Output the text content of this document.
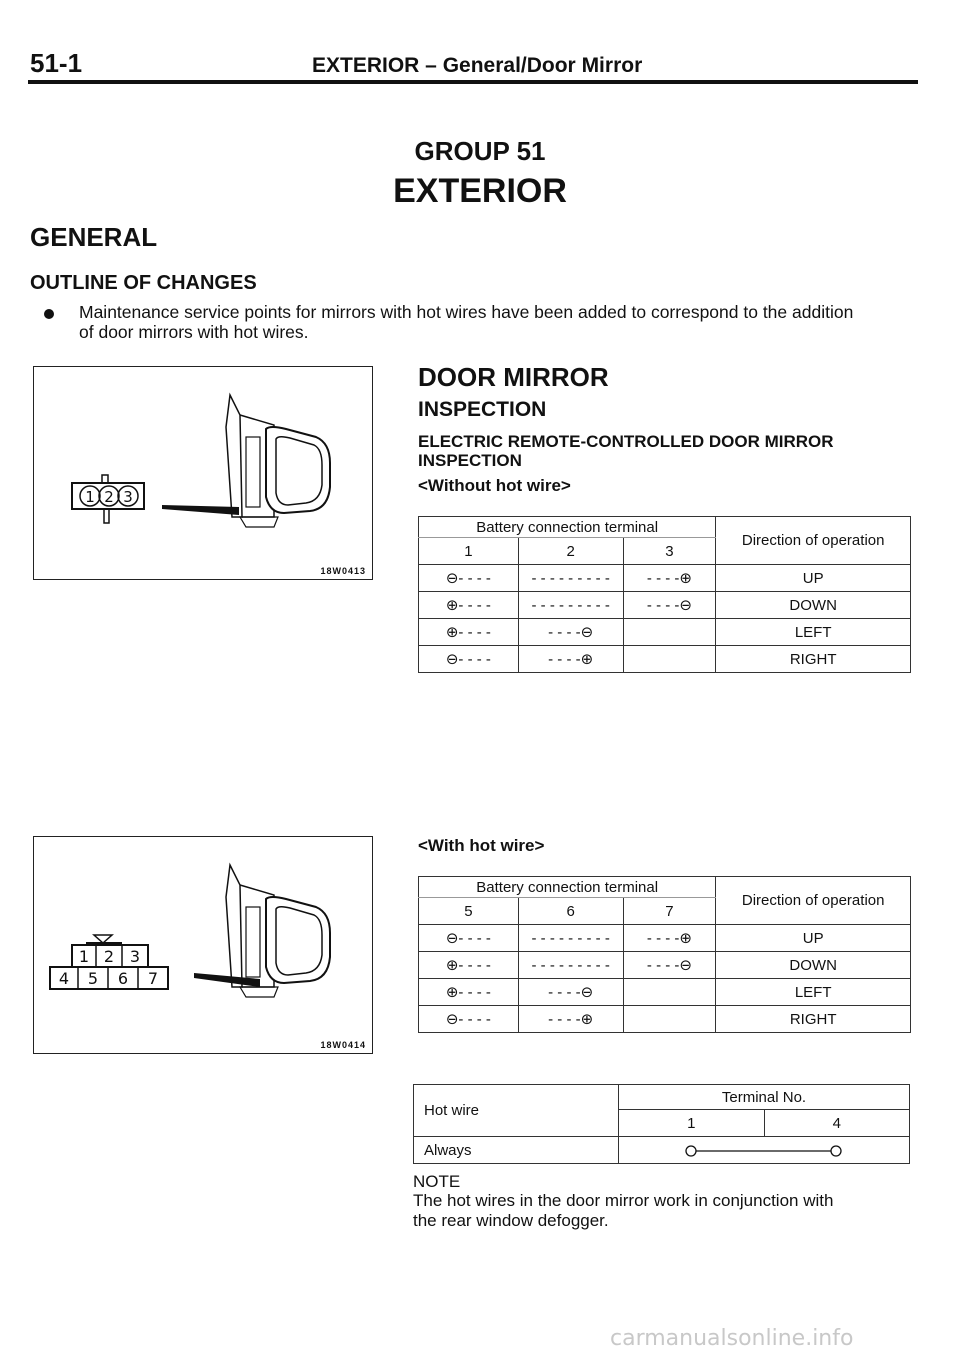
51-1	EXTERIOR – General/Door Mirror
GROUP 51
EXTERIOR
GENERAL
OUTLINE OF CHANGES
Maintenance service points for mirrors with hot wires have been added to correspond to the addition
of door mirrors with hot wires.
1 2 3
18W0413
DOOR MIRROR
INSPECTION
ELECTRIC REMOTE-CONTROLLED DOOR MIRROR
INSPECTION
<Without hot wire>
Battery connection terminal			Direction of operation
1	2	3	
⊖- - - -	- - - - - - - - -	- - - -⊕	UP
⊕- - - -	- - - - - - - - -	- - - -⊖	DOWN
⊕- - - -	- - - -⊖		LEFT
⊖- - - -	- - - -⊕		RIGHT
1 2 3
4 5 6 7
18W0414
<With hot wire>
Battery connection terminal			Direction of operation
5	6	7	
⊖- - - -	- - - - - - - - -	- - - -⊕	UP
⊕- - - -	- - - - - - - - -	- - - -⊖	DOWN
⊕- - - -	- - - -⊖		LEFT
⊖- - - -	- - - -⊕		RIGHT
Hot wire	Terminal No.	
	1	4
Always	
NOTE
The hot wires in the door mirror work in conjunction with
the rear window defogger.
carmanualsonline.info
